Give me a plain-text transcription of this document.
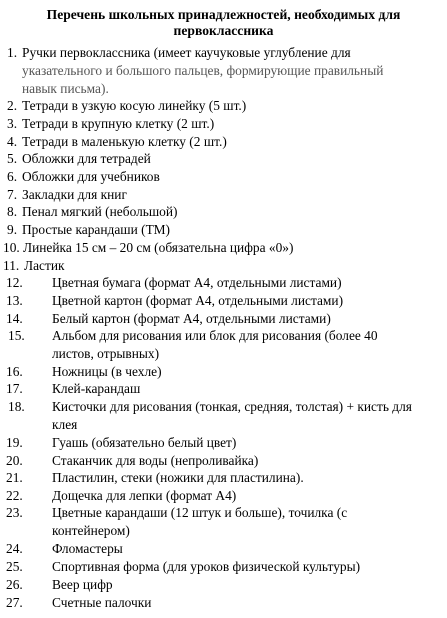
Перечень школьных принадлежностей, необходимых для
первоклассника
1. Ручки первоклассника (имеет каучуковые углубление для
указательного и большого пальцев, формирующие правильный
навык письма).
2. Тетради в узкую косую линейку (5 шт.)
3. Тетради в крупную клетку (2 шт.)
4. Тетради в маленькую клетку (2 шт.)
5. Обложки для тетрадей
6. Обложки для учебников
7. Закладки для книг
8. Пенал мягкий (небольшой)
9. Простые карандаши (ТМ)
10. Линейка 15 см – 20 см (обязательна цифра «0»)
11. Ластик
12. Цветная бумага (формат А4, отдельными листами)
13. Цветной картон (формат А4, отдельными листами)
14. Белый картон (формат А4, отдельными листами)
15. Альбом для рисования или блок для рисования (более 40
листов, отрывных)
16. Ножницы (в чехле)
17. Клей-карандаш
18. Кисточки для рисования (тонкая, средняя, толстая) + кисть для
клея
19. Гуашь (обязательно белый цвет)
20. Стаканчик для воды (непроливайка)
21. Пластилин, стеки (ножики для пластилина).
22. Дощечка для лепки (формат А4)
23. Цветные карандаши (12 штук и больше), точилка (с
контейнером)
24. Фломастеры
25. Спортивная форма (для уроков физической культуры)
26. Веер цифр
27. Счетные палочки
